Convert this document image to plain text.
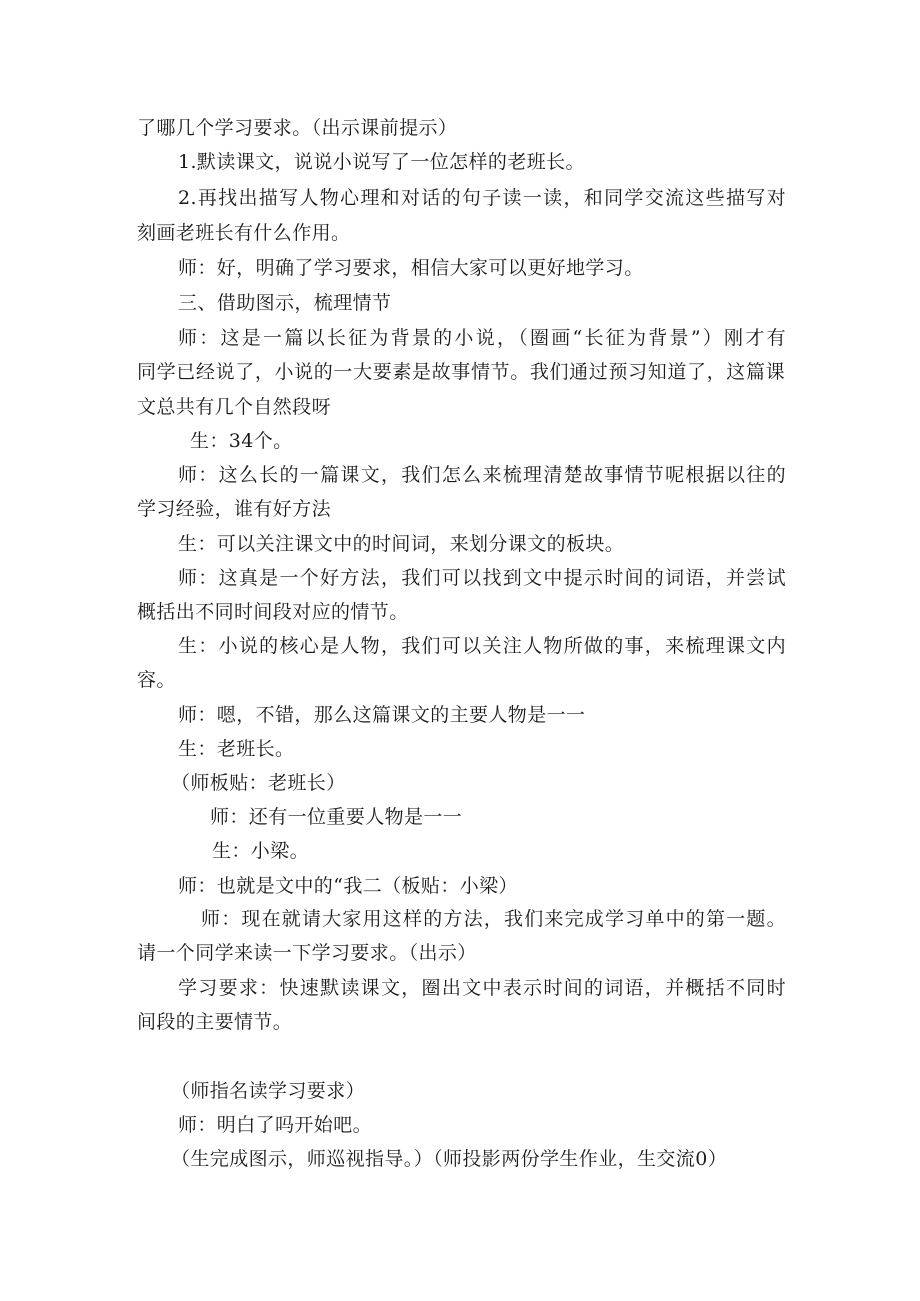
了哪几个学习要求。（出示课前提示）
1.默读课文，说说小说写了一位怎样的老班长。
2.再找出描写人物心理和对话的句子读一读，和同学交流这些描写对
刻画老班长有什么作用。
师：好，明确了学习要求，相信大家可以更好地学习。
三、借助图示，梳理情节
师：这是一篇以长征为背景的小说，（圈画“长征为背景”）刚才有
同学已经说了，小说的一大要素是故事情节。我们通过预习知道了，这篇课
文总共有几个自然段呀
生：34个。
师：这么长的一篇课文，我们怎么来梳理清楚故事情节呢根据以往的
学习经验，谁有好方法
生：可以关注课文中的时间词，来划分课文的板块。
师：这真是一个好方法，我们可以找到文中提示时间的词语，并尝试
概括出不同时间段对应的情节。
生：小说的核心是人物，我们可以关注人物所做的事，来梳理课文内
容。
师：嗯，不错，那么这篇课文的主要人物是一一
生：老班长。
（师板贴：老班长）
师：还有一位重要人物是一一
生：小梁。
师：也就是文中的“我二（板贴：小梁）
师：现在就请大家用这样的方法，我们来完成学习单中的第一题。
请一个同学来读一下学习要求。（出示）
学习要求：快速默读课文，圈出文中表示时间的词语，并概括不同时
间段的主要情节。
（师指名读学习要求）
师：明白了吗开始吧。
（生完成图示，师巡视指导。）（师投影两份学生作业，生交流0）
